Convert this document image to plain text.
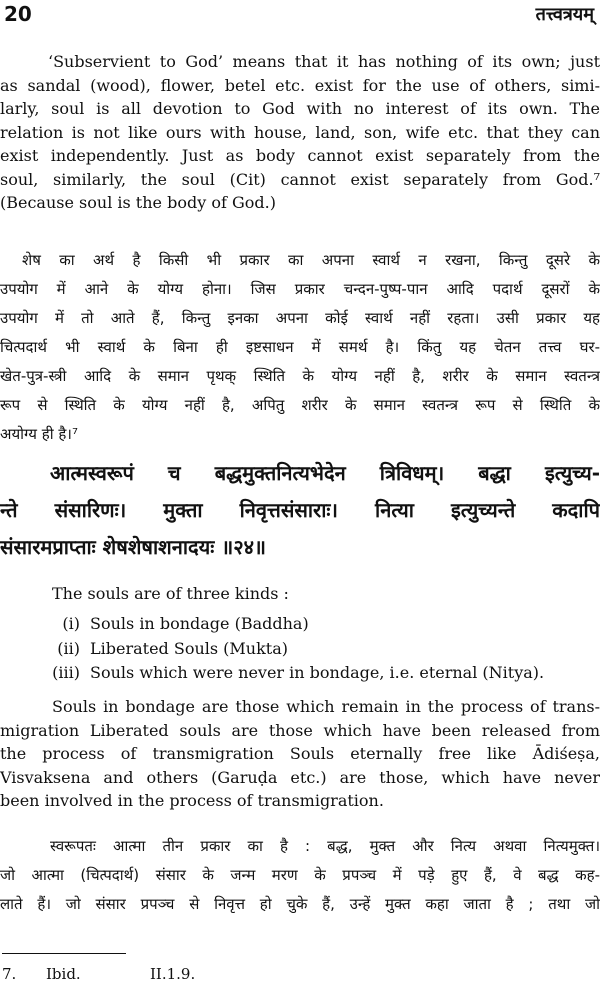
20	तत्त्वत्रयम्
‘Subservient to God’ means that it has nothing of its own; just
as sandal (wood), flower, betel etc. exist for the use of others, simi-
larly, soul is all devotion to God with no interest of its own. The
relation is not like ours with house, land, son, wife etc. that they can
exist independently. Just as body cannot exist separately from the
soul, similarly, the soul (Cit) cannot exist separately from God.⁷
(Because soul is the body of God.)
शेष का अर्थ है किसी भी प्रकार का अपना स्वार्थ न रखना, किन्तु दूसरे के
उपयोग में आने के योग्य होना। जिस प्रकार चन्दन-पुष्प-पान आदि पदार्थ दूसरों के
उपयोग में तो आते हैं, किन्तु इनका अपना कोई स्वार्थ नहीं रहता। उसी प्रकार यह
चित्पदार्थ भी स्वार्थ के बिना ही इष्टसाधन में समर्थ है। किंतु यह चेतन तत्त्व घर-
खेत-पुत्र-स्त्री आदि के समान पृथक् स्थिति के योग्य नहीं है, शरीर के समान स्वतन्त्र
रूप से स्थिति के योग्य नहीं है, अपितु शरीर के समान स्वतन्त्र रूप से स्थिति के
अयोग्य ही है।⁷
आत्मस्वरूपं च बद्धमुक्तनित्यभेदेन त्रिविधम्। बद्धा इत्युच्य-
न्ते संसारिणः। मुक्ता निवृत्तसंसाराः। नित्या इत्युच्यन्ते कदापि
संसारमप्राप्ताः शेषशेषाशनादयः ॥२४॥
The souls are of three kinds :
(i) Souls in bondage (Baddha)
(ii) Liberated Souls (Mukta)
(iii) Souls which were never in bondage, i.e. eternal (Nitya).
Souls in bondage are those which remain in the process of trans-
migration Liberated souls are those which have been released from
the process of transmigration Souls eternally free like Ādiśeṣa,
Visvaksena and others (Garuḍa etc.) are those, which have never
been involved in the process of transmigration.
स्वरूपतः आत्मा तीन प्रकार का है : बद्ध, मुक्त और नित्य अथवा नित्यमुक्त।
जो आत्मा (चित्पदार्थ) संसार के जन्म मरण के प्रपञ्च में पड़े हुए हैं, वे बद्ध कह-
लाते हैं। जो संसार प्रपञ्च से निवृत्त हो चुके हैं, उन्हें मुक्त कहा जाता है ; तथा जो
7. Ibid.	II.1.9.
